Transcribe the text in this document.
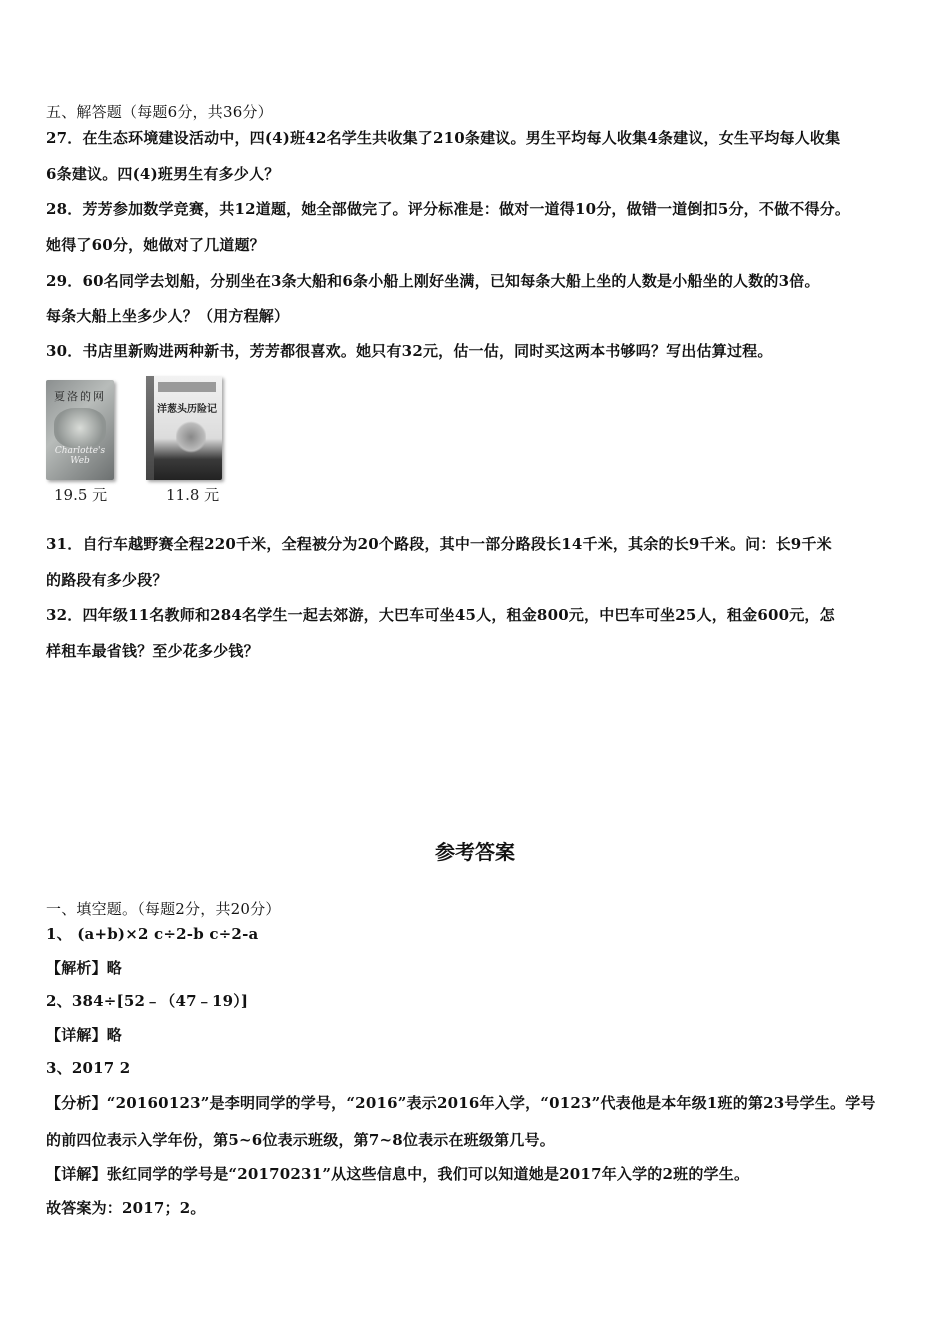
五、解答题（每题6分，共36分）
27．在生态环境建设活动中，四(4)班42名学生共收集了210条建议。男生平均每人收集4条建议，女生平均每人收集
6条建议。四(4)班男生有多少人？
28．芳芳参加数学竞赛，共12道题，她全部做完了。评分标准是：做对一道得10分，做错一道倒扣5分，不做不得分。
她得了60分，她做对了几道题？
29．60名同学去划船，分别坐在3条大船和6条小船上刚好坐满，已知每条大船上坐的人数是小船坐的人数的3倍。
每条大船上坐多少人？（用方程解）
30．书店里新购进两种新书，芳芳都很喜欢。她只有32元，估一估，同时买这两本书够吗？写出估算过程。
夏洛的网
Charlotte's Web
19.5 元
洋葱头历险记
11.8 元
31．自行车越野赛全程220千米，全程被分为20个路段，其中一部分路段长14千米，其余的长9千米。问：长9千米
的路段有多少段？
32．四年级11名教师和284名学生一起去郊游，大巴车可坐45人，租金800元，中巴车可坐25人，租金600元，怎
样租车最省钱？至少花多少钱？
参考答案
一、填空题。（每题2分，共20分）
1、 (a+b)×2 c÷2-b c÷2-a
【解析】略
2、384÷[52﹣（47﹣19）]
【详解】略
3、2017 2
【分析】“20160123”是李明同学的学号，“2016”表示2016年入学，“0123”代表他是本年级1班的第23号学生。学号
的前四位表示入学年份，第5~6位表示班级，第7~8位表示在班级第几号。
【详解】张红同学的学号是“20170231”从这些信息中，我们可以知道她是2017年入学的2班的学生。
故答案为：2017；2。
